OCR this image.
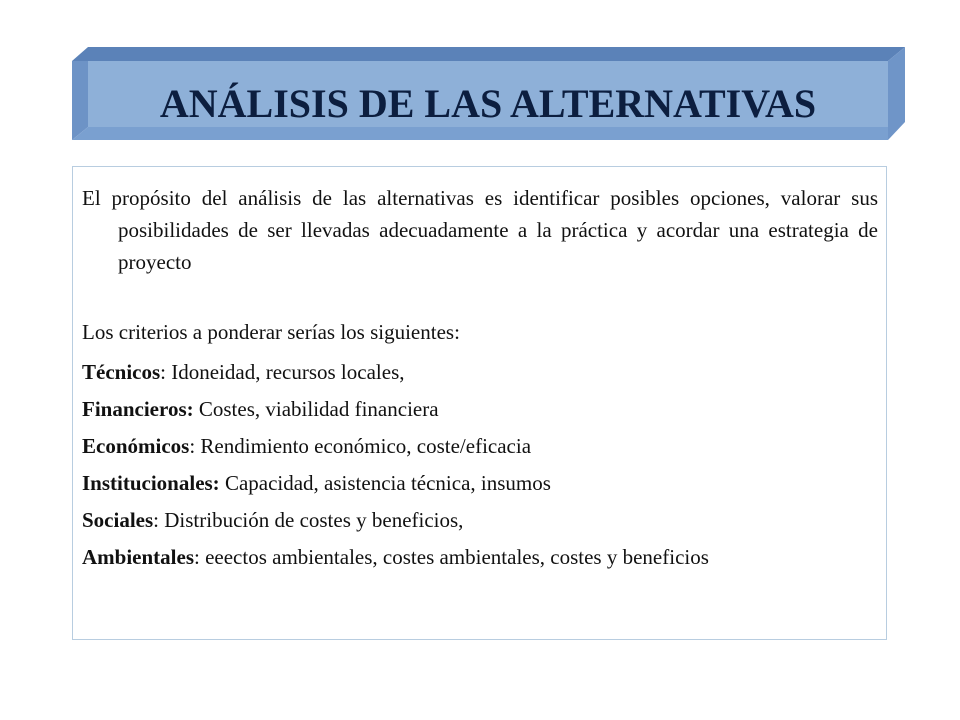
ANÁLISIS DE LAS ALTERNATIVAS

El propósito del análisis de las alternativas es identificar posibles opciones, valorar sus posibilidades de ser llevadas adecuadamente a la práctica y acordar una estrategia de proyecto

Los criterios a ponderar serías los siguientes:

Técnicos: Idoneidad, recursos locales,
Financieros: Costes, viabilidad financiera
Económicos: Rendimiento económico, coste/eficacia
Institucionales: Capacidad, asistencia técnica, insumos
Sociales: Distribución de costes y beneficios,
Ambientales: eeectos ambientales, costes ambientales, costes y beneficios
